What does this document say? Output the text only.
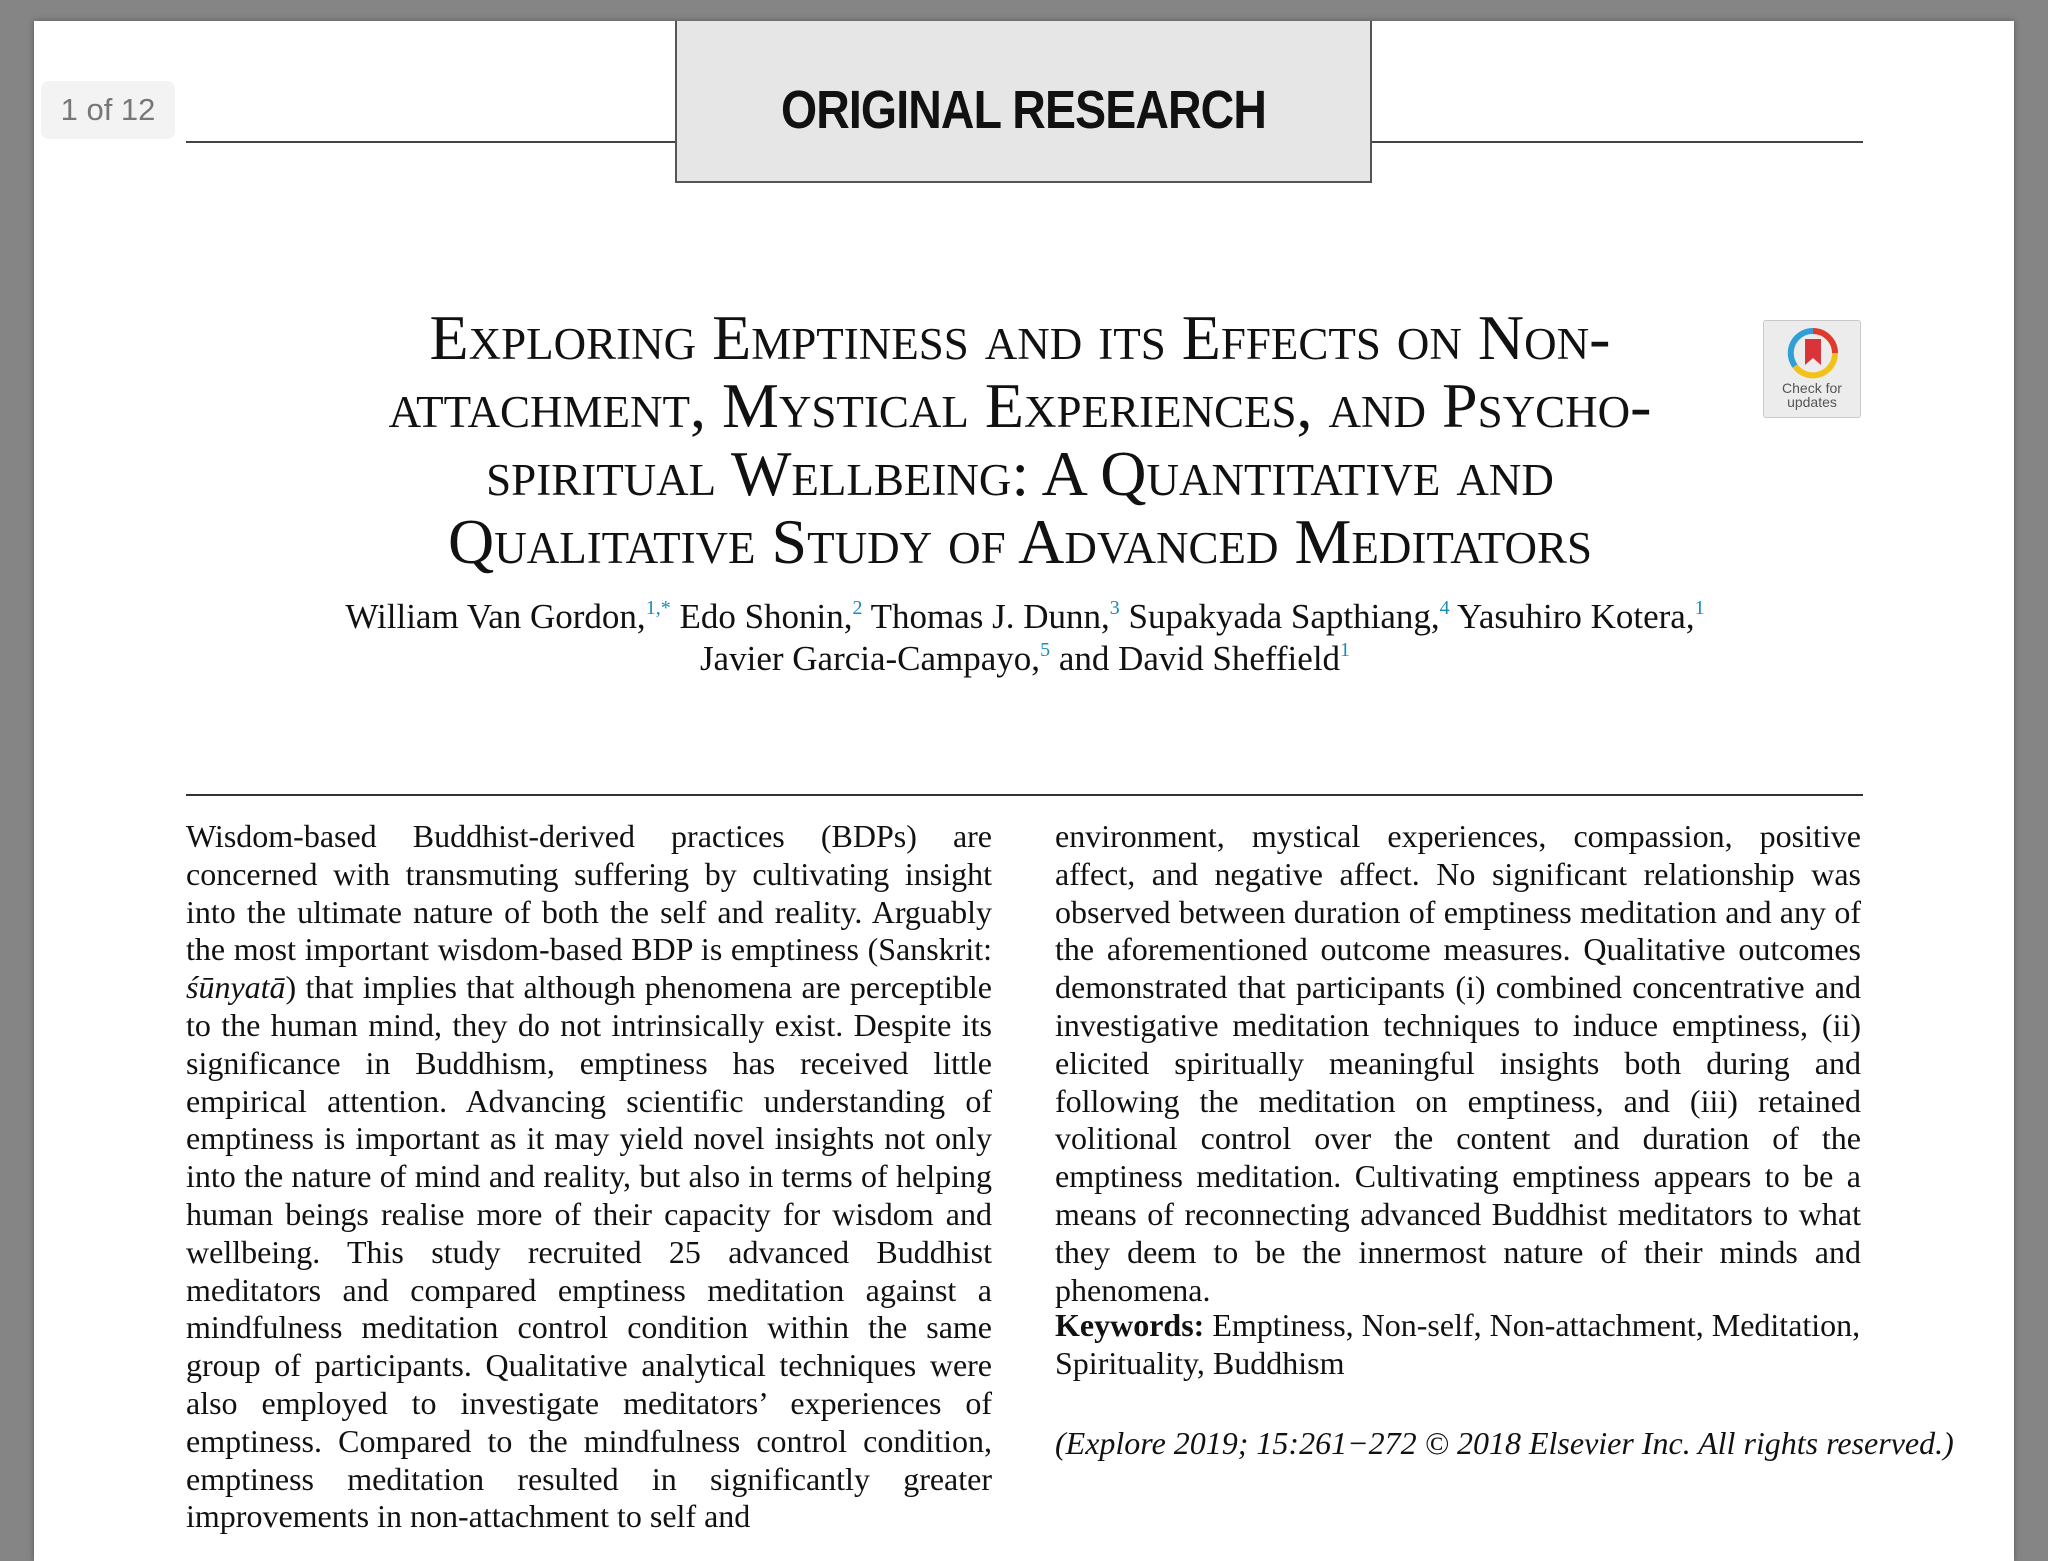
1 of 12	ORIGINAL RESEARCH
Exploring Emptiness and its Effects on Non-
attachment, Mystical Experiences, and Psycho-
spiritual Wellbeing: A Quantitative and
Qualitative Study of Advanced Meditators
Check for updates
William Van Gordon,$^{1,*}$ Edo Shonin,$^2$ Thomas J. Dunn,$^3$ Supakyada Sapthiang,$^4$ Yasuhiro Kotera,$^1$
Javier Garcia-Campayo,$^5$ and David Sheffield$^1$

Wisdom-based Buddhist-derived practices (BDPs) are concerned with transmuting suffering by cultivating insight into the ultimate nature of both the self and reality. Arguably the most important wisdom-based BDP is emptiness (Sanskrit: śūnyatā) that implies that although phenomena are perceptible to the human mind, they do not intrinsically exist. Despite its significance in Buddhism, emptiness has received little empirical attention. Advancing scientific understanding of emptiness is important as it may yield novel insights not only into the nature of mind and reality, but also in terms of helping human beings realise more of their capacity for wisdom and wellbeing. This study recruited 25 advanced Buddhist meditators and compared emptiness meditation against a mindfulness meditation control condition within the same group of participants. Qualitative analytical techniques were also employed to investigate meditators’ experiences of emptiness. Compared to the mindfulness control condition, emptiness meditation resulted in significantly greater improvements in non-attachment to self and

environment, mystical experiences, compassion, positive affect, and negative affect. No significant relationship was observed between duration of emptiness meditation and any of the aforementioned outcome measures. Qualitative outcomes demonstrated that participants (i) combined concentrative and investigative meditation techniques to induce emptiness, (ii) elicited spiritually meaningful insights both during and following the meditation on emptiness, and (iii) retained volitional control over the content and duration of the emptiness meditation. Cultivating emptiness appears to be a means of reconnecting advanced Buddhist meditators to what they deem to be the innermost nature of their minds and phenomena.

Keywords: Emptiness, Non-self, Non-attachment, Meditation, Spirituality, Buddhism

(Explore 2019; 15:261−272 © 2018 Elsevier Inc. All rights reserved.)
